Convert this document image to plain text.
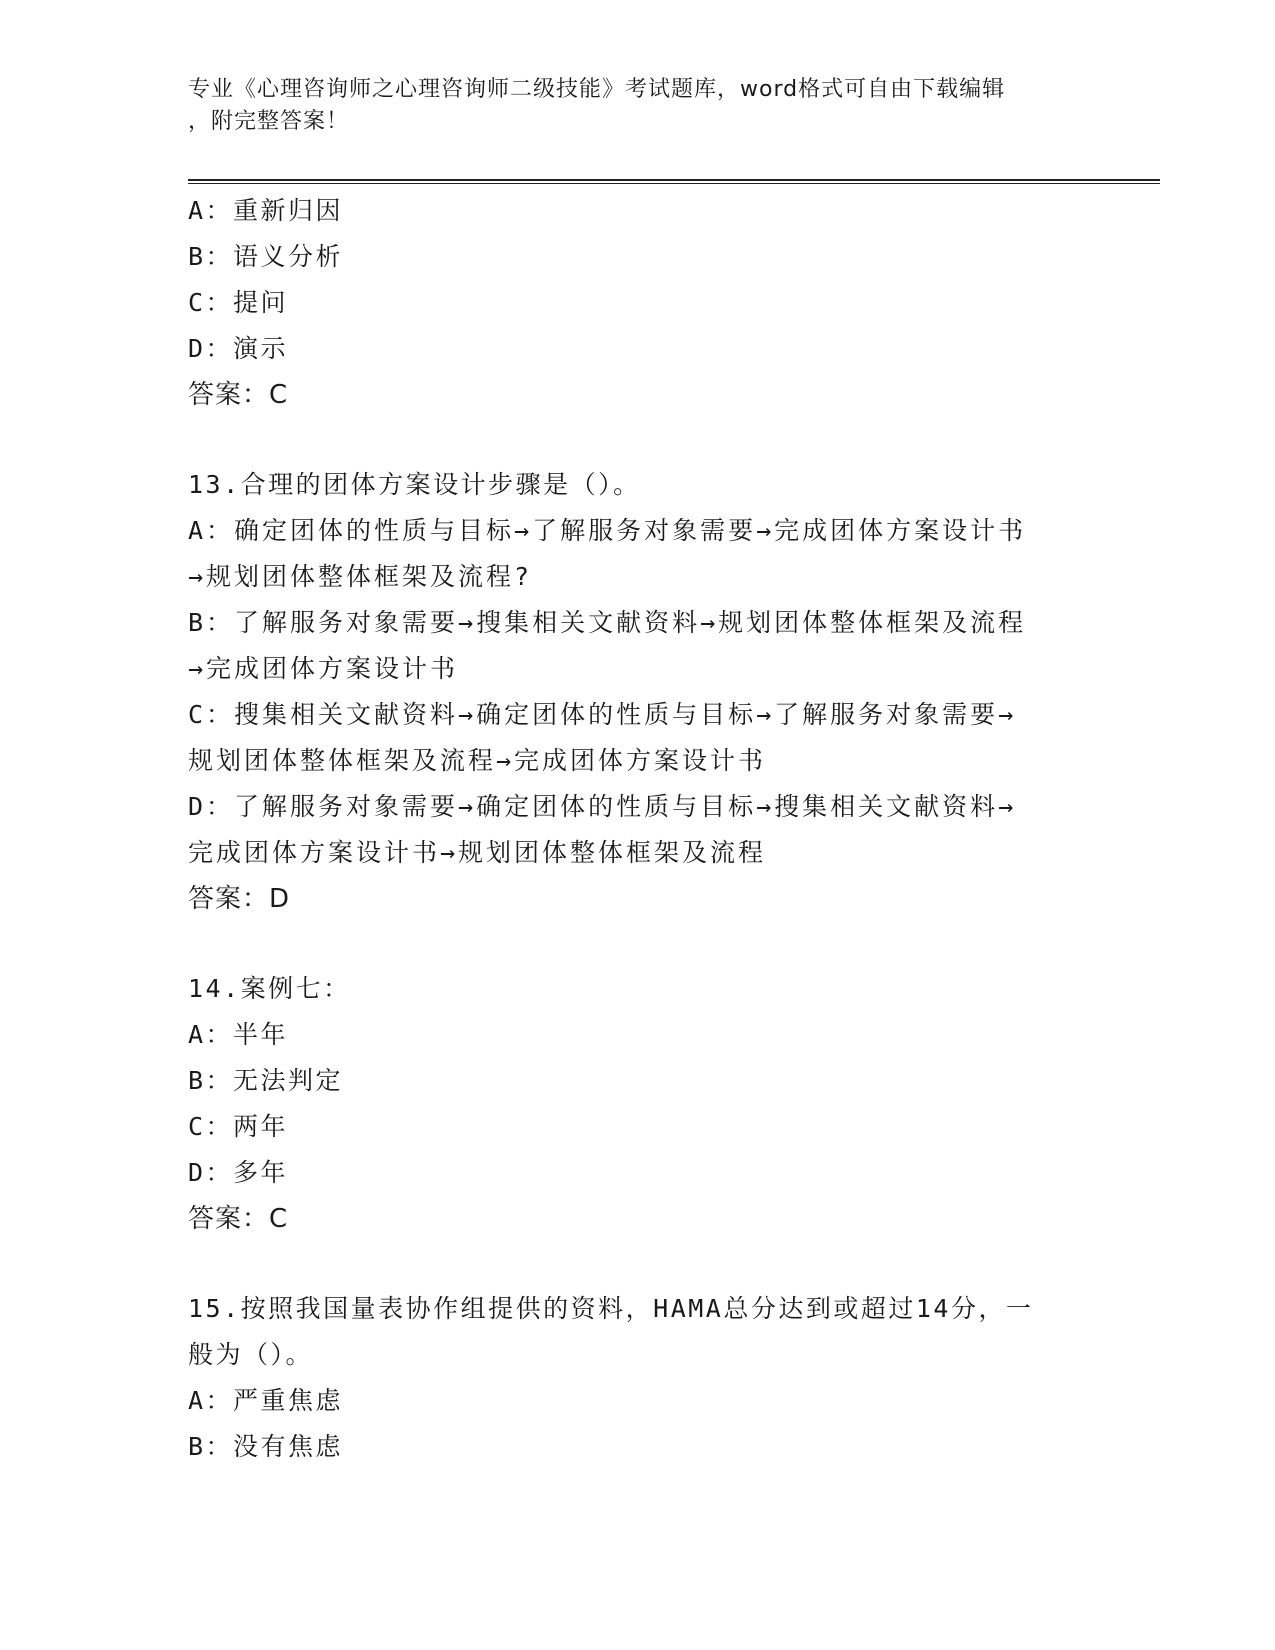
专业《心理咨询师之心理咨询师二级技能》考试题库，word格式可自由下载编辑
，附完整答案！
A：重新归因
B：语义分析
C：提问
D：演示
答案：C
13.合理的团体方案设计步骤是（）。
A：确定团体的性质与目标→了解服务对象需要→完成团体方案设计书
→规划团体整体框架及流程?
B：了解服务对象需要→搜集相关文献资料→规划团体整体框架及流程
→完成团体方案设计书
C：搜集相关文献资料→确定团体的性质与目标→了解服务对象需要→
规划团体整体框架及流程→完成团体方案设计书
D：了解服务对象需要→确定团体的性质与目标→搜集相关文献资料→
完成团体方案设计书→规划团体整体框架及流程
答案：D
14.案例七：
A：半年
B：无法判定
C：两年
D：多年
答案：C
15.按照我国量表协作组提供的资料，HAMA总分达到或超过14分，一
般为（）。
A：严重焦虑
B：没有焦虑
